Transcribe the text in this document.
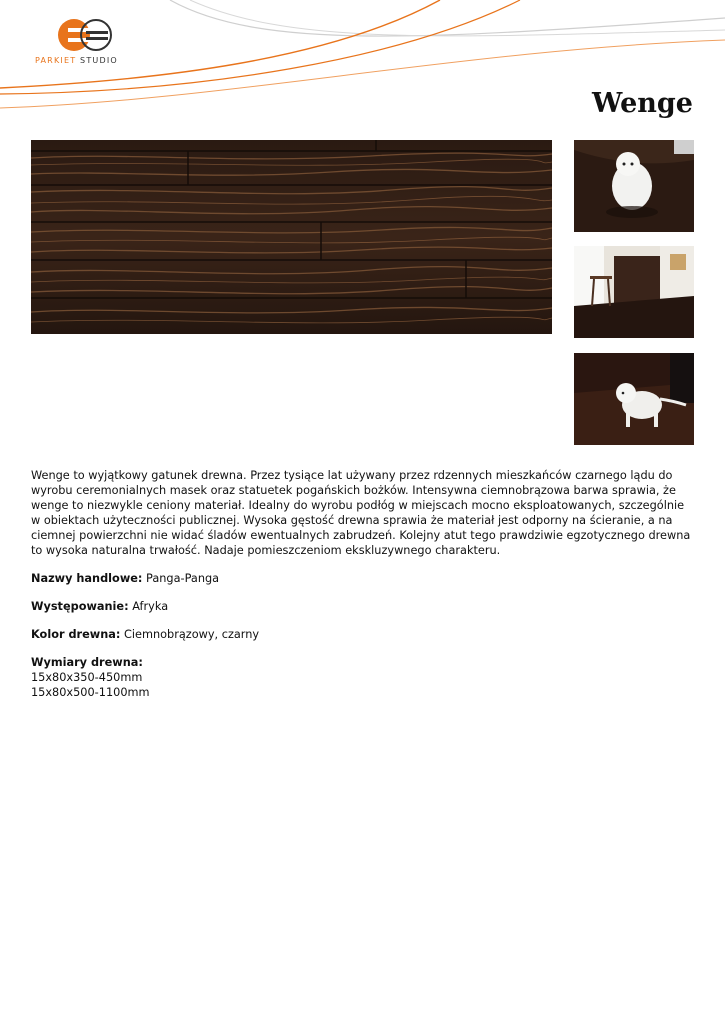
PARKIET STUDIO
Wenge

Wenge to wyjątkowy gatunek drewna. Przez tysiące lat używany przez rdzennych mieszkańców czarnego lądu do wyrobu ceremonialnych masek oraz statuetek pogańskich bożków. Intensywna ciemnobrązowa barwa sprawia, że wenge to niezwykle ceniony materiał. Idealny do wyrobu podłóg w miejscach mocno eksploatowanych, szczególnie w obiektach użyteczności publicznej. Wysoka gęstość drewna sprawia że materiał jest odporny na ścieranie, a na ciemnej powierzchni nie widać śladów ewentualnych zabrudzeń. Kolejny atut tego prawdziwie egzotycznego drewna to wysoka naturalna trwałość. Nadaje pomieszczeniom ekskluzywnego charakteru.

Nazwy handlowe: Panga-Panga

Występowanie: Afryka

Kolor drewna: Ciemnobrązowy, czarny

Wymiary drewna:
15x80x350-450mm
15x80x500-1100mm
